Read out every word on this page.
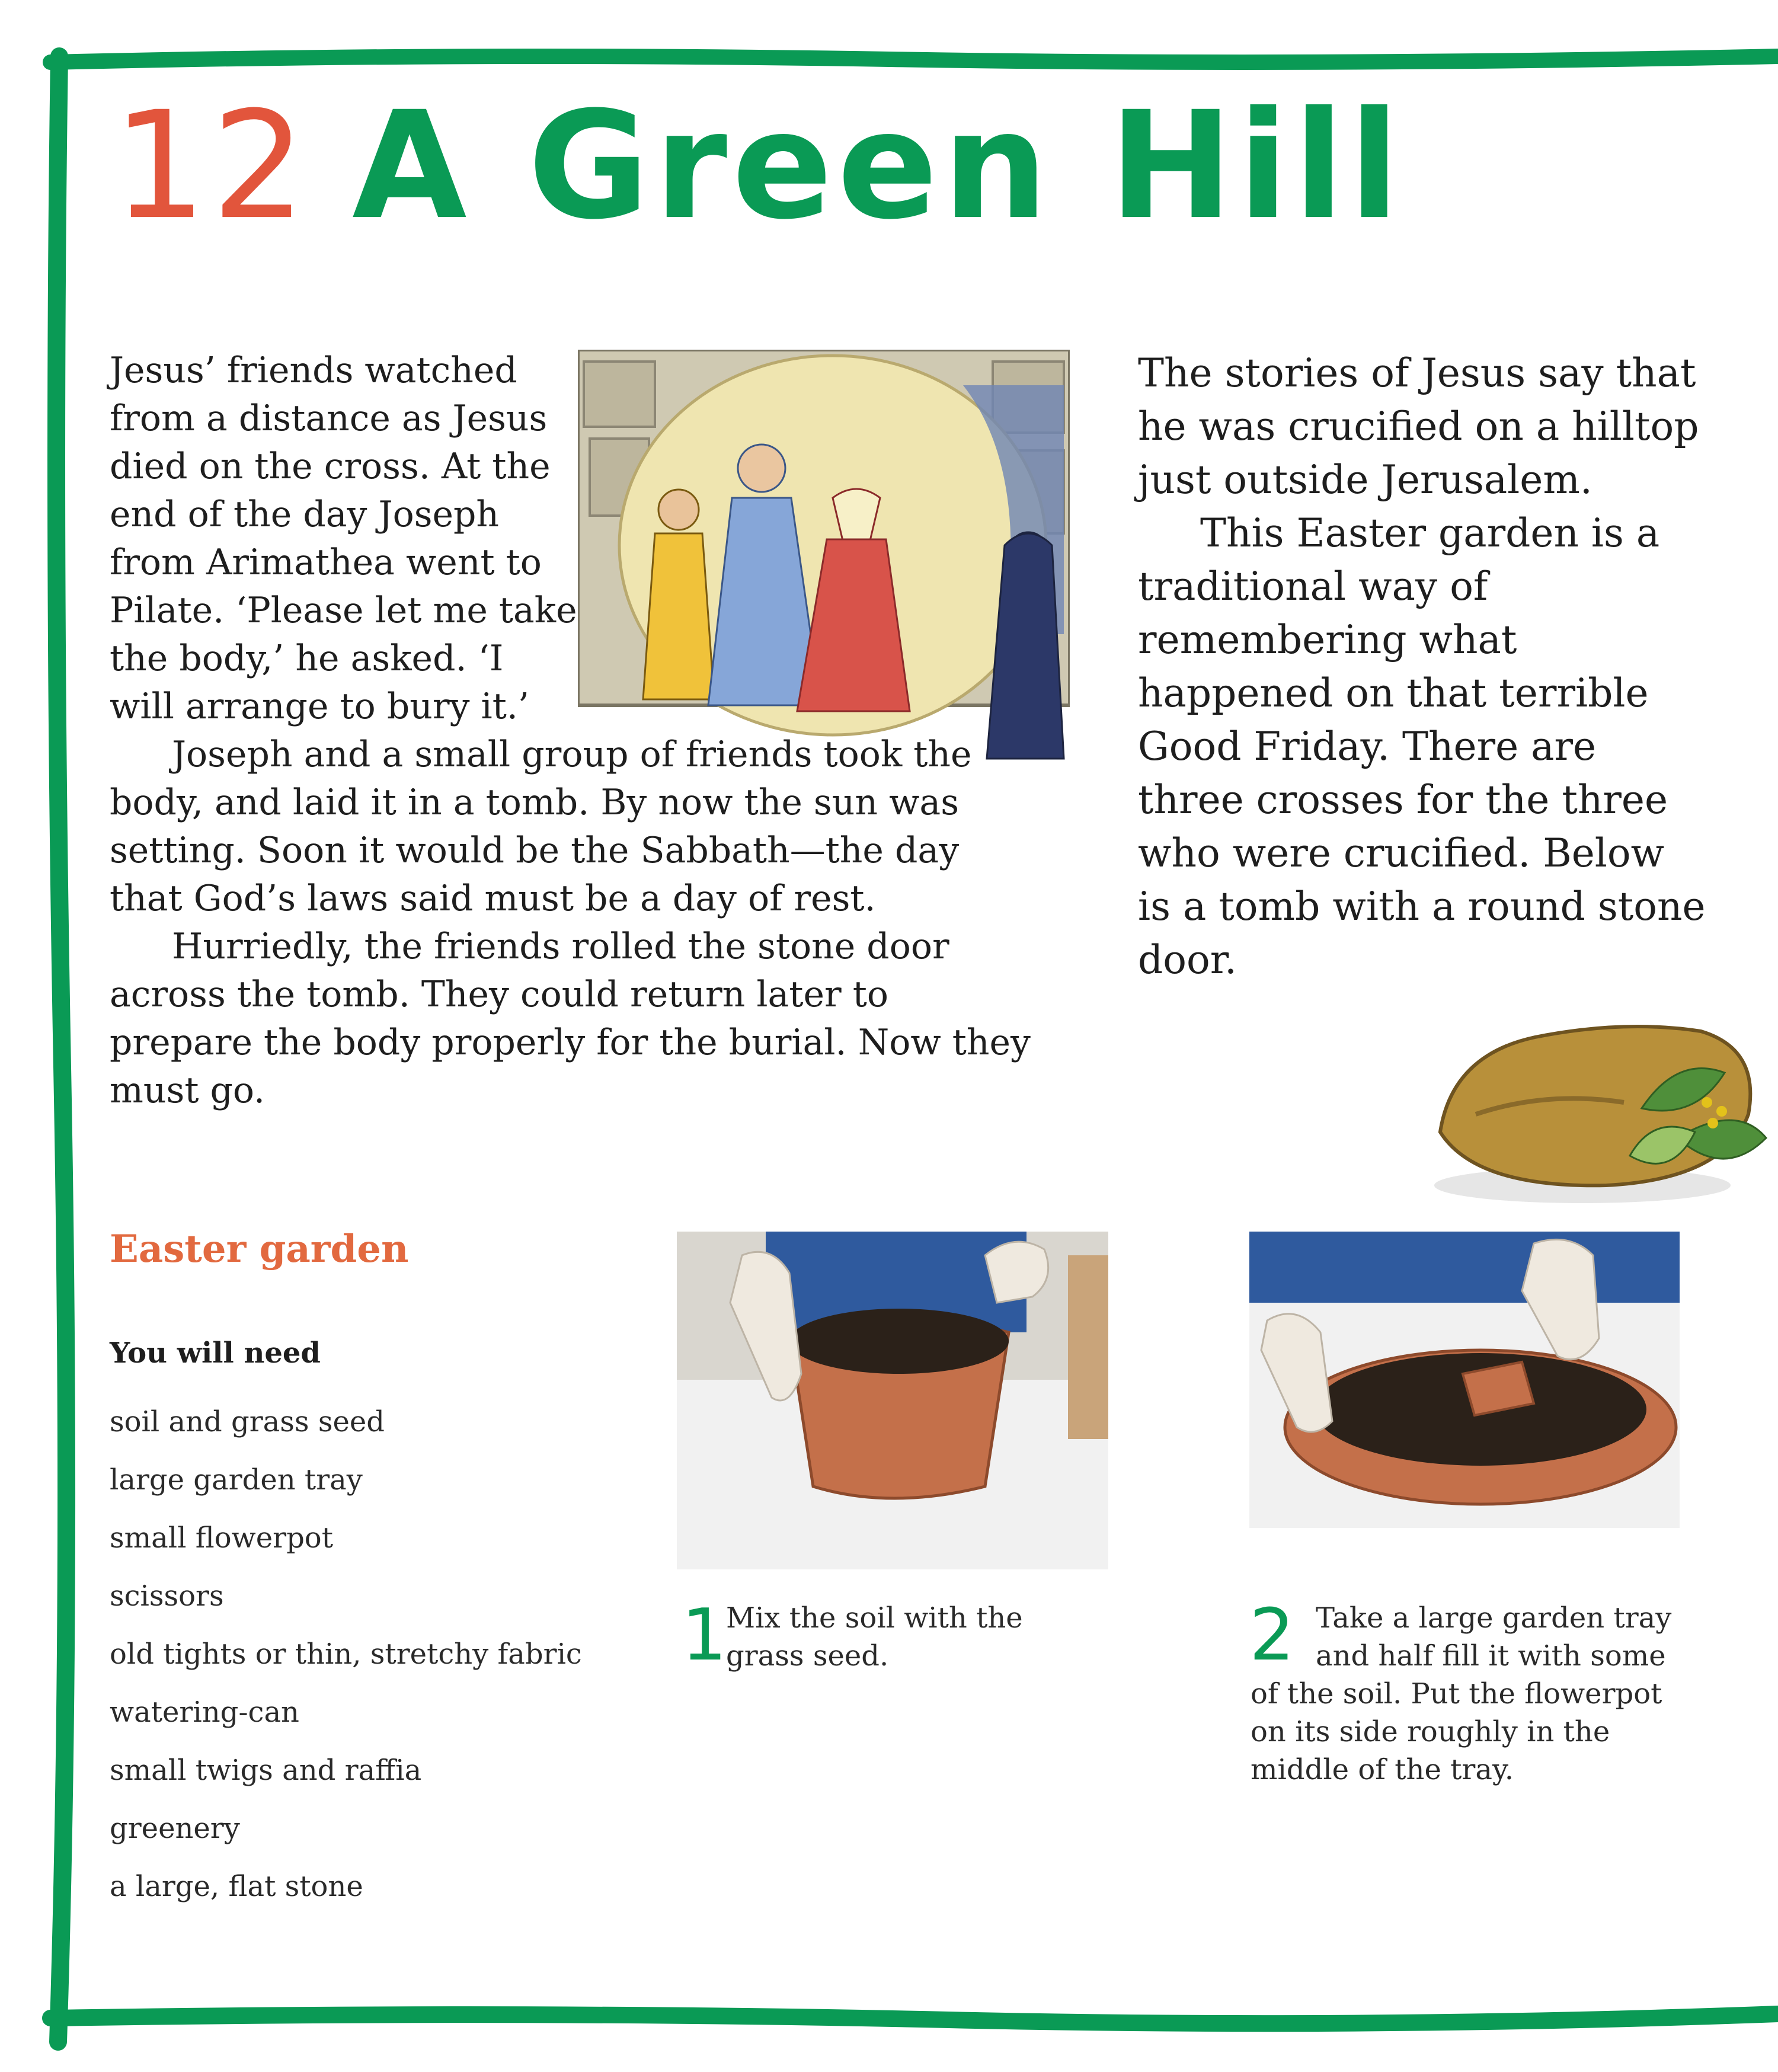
12 A Green Hill

Jesus’ friends watched from a distance as Jesus died on the cross. At the end of the day Joseph from Arimathea went to Pilate. ‘Please let me take the body,’ he asked. ‘I will arrange to bury it.’

Joseph and a small group of friends took the body, and laid it in a tomb. By now the sun was setting. Soon it would be the Sabbath—the day that God’s laws said must be a day of rest.

Hurriedly, the friends rolled the stone door across the tomb. They could return later to prepare the body properly for the burial. Now they must go.

The stories of Jesus say that he was crucified on a hilltop just outside Jerusalem.

This Easter garden is a traditional way of remembering what happened on that terrible Good Friday. There are three crosses for the three who were crucified. Below is a tomb with a round stone door.

Easter garden
You will need
soil and grass seed
large garden tray
small flowerpot
scissors
old tights or thin, stretchy fabric
watering-can
small twigs and raffia
greenery
a large, flat stone
1
Mix the soil with the grass seed.	2 Take a large garden tray and half fill it with some
of the soil. Put the flowerpot on its side roughly in the middle of the tray.
